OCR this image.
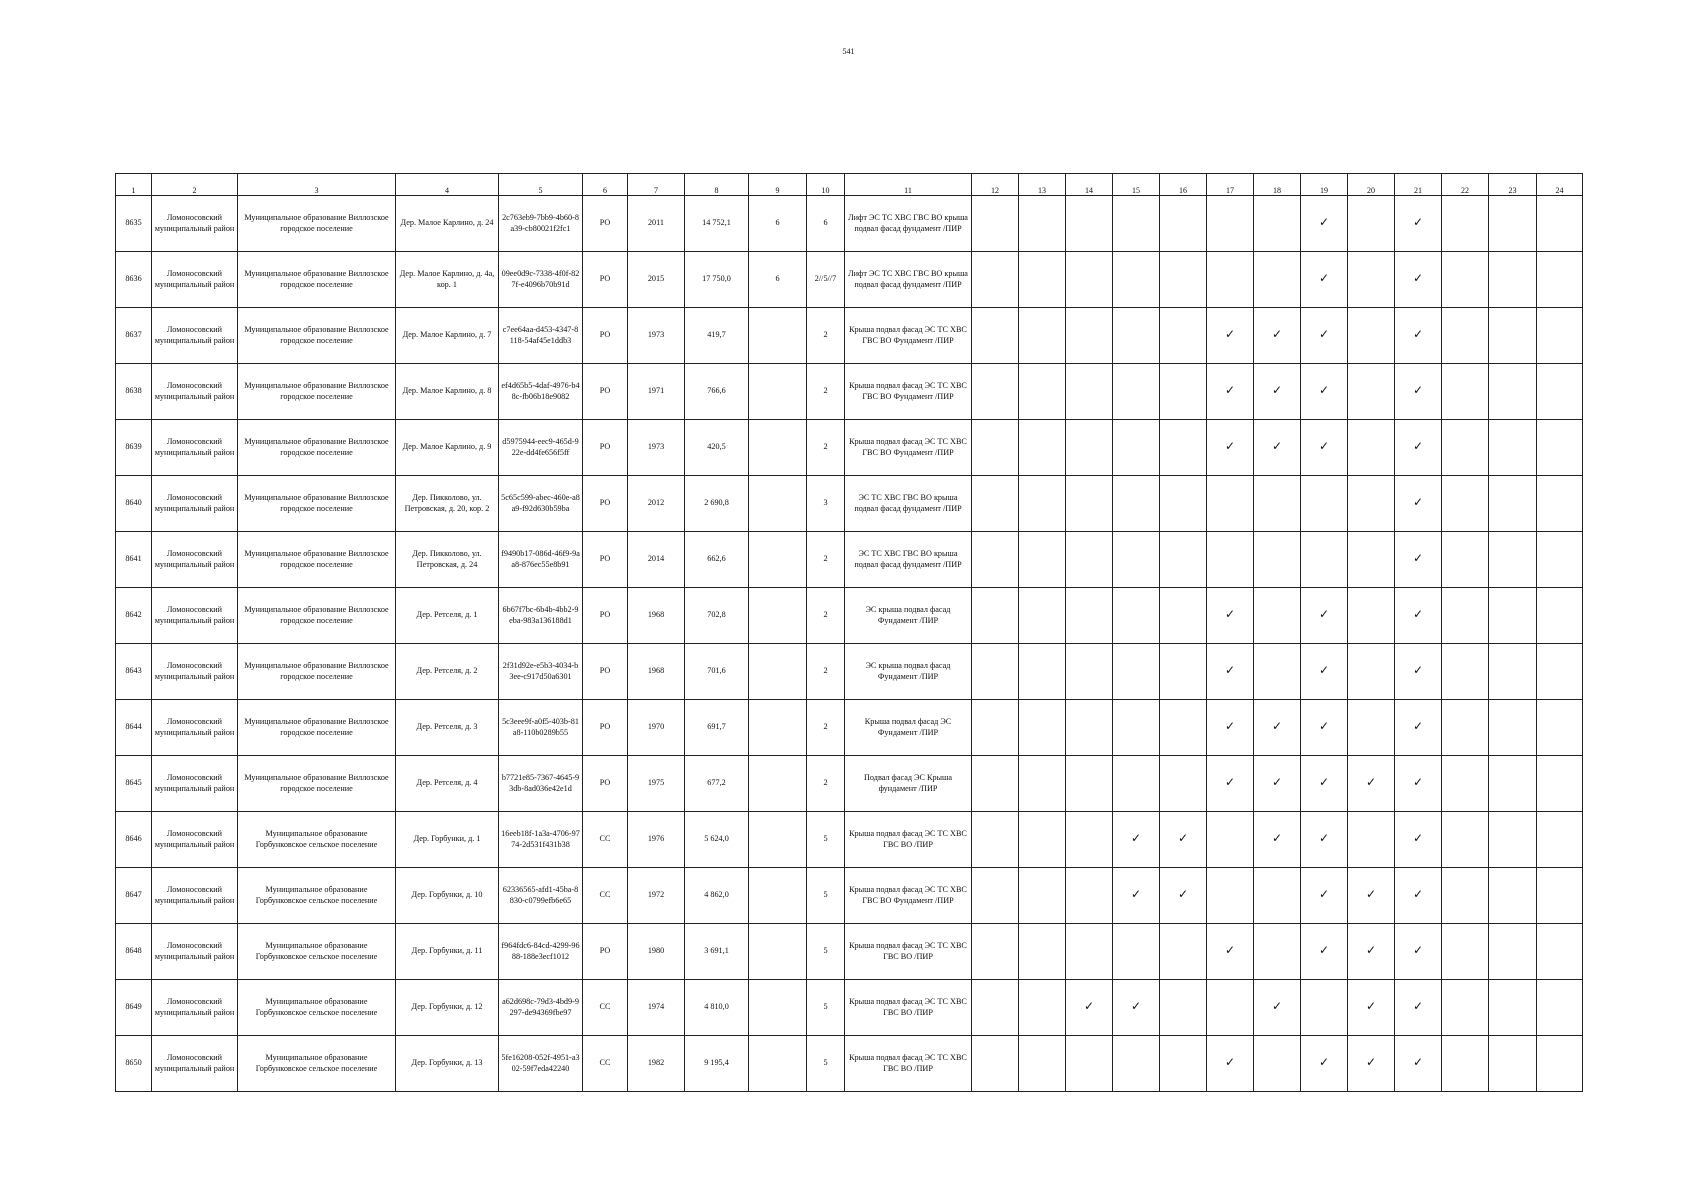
541
1	2	3	4	5	6	7	8	9	10	11	12	13	14	15	16	17	18	19	20	21	22	23	24
8635	Ломоносовский муниципальный район	Муниципальное образование Виллозское городское поселение	Дер. Малое Карлино, д. 24	2c763eb9-7bb9-4b60-8a39-cb80021f2fc1	РО	2011	14 752,1	6	6	Лифт ЭС ТС ХВС ГВС ВО крыша подвал фасад фундамент /ПИР								✓		✓			
8636	Ломоносовский муниципальный район	Муниципальное образование Виллозское городское поселение	Дер. Малое Карлино, д. 4а, кор. 1	09ee0d9c-7338-4f0f-827f-e4096b70b91d	РО	2015	17 750,0	6	2//5//7	Лифт ЭС ТС ХВС ГВС ВО крыша подвал фасад фундамент /ПИР								✓		✓			
8637	Ломоносовский муниципальный район	Муниципальное образование Виллозское городское поселение	Дер. Малое Карлино, д. 7	c7ee64aa-d453-4347-8118-54af45e1ddb3	РО	1973	419,7		2	Крыша подвал фасад ЭС ТС ХВС ГВС ВО Фундамент /ПИР						✓	✓	✓		✓			
8638	Ломоносовский муниципальный район	Муниципальное образование Виллозское городское поселение	Дер. Малое Карлино, д. 8	ef4d65b5-4daf-4976-b48c-fb06b18e9082	РО	1971	766,6		2	Крыша подвал фасад ЭС ТС ХВС ГВС ВО Фундамент /ПИР						✓	✓	✓		✓			
8639	Ломоносовский муниципальный район	Муниципальное образование Виллозское городское поселение	Дер. Малое Карлино, д. 9	d5975944-eec9-465d-922e-dd4fe656f5ff	РО	1973	420,5		2	Крыша подвал фасад ЭС ТС ХВС ГВС ВО Фундамент /ПИР						✓	✓	✓		✓			
8640	Ломоносовский муниципальный район	Муниципальное образование Виллозское городское поселение	Дер. Пикколово, ул. Петровская, д. 20, кор. 2	5c65c599-abec-460e-a8a9-f92d630b59ba	РО	2012	2 690,8		3	ЭС ТС ХВС ГВС ВО крыша подвал фасад фундамент /ПИР										✓			
8641	Ломоносовский муниципальный район	Муниципальное образование Виллозское городское поселение	Дер. Пикколово, ул. Петровская, д. 24	f9490b17-086d-46f9-9aa8-876ec55e8b91	РО	2014	662,6		2	ЭС ТС ХВС ГВС ВО крыша подвал фасад фундамент /ПИР										✓			
8642	Ломоносовский муниципальный район	Муниципальное образование Виллозское городское поселение	Дер. Ретселя, д. 1	6b67f7bc-6b4b-4bb2-9eba-983a136188d1	РО	1968	702,8		2	ЭС крыша подвал фасад Фундамент /ПИР						✓		✓		✓			
8643	Ломоносовский муниципальный район	Муниципальное образование Виллозское городское поселение	Дер. Ретселя, д. 2	2f31d92e-e5b3-4034-b3ee-c917d50a6301	РО	1968	701,6		2	ЭС крыша подвал фасад Фундамент /ПИР						✓		✓		✓			
8644	Ломоносовский муниципальный район	Муниципальное образование Виллозское городское поселение	Дер. Ретселя, д. 3	5c3eee9f-a0f5-403b-81a8-110b0289b55	РО	1970	691,7		2	Крыша подвал фасад ЭС Фундамент /ПИР						✓	✓	✓		✓			
8645	Ломоносовский муниципальный район	Муниципальное образование Виллозское городское поселение	Дер. Ретселя, д. 4	b7721e85-7367-4645-93db-8ad036e42e1d	РО	1975	677,2		2	Подвал фасад ЭС Крыша фундамент /ПИР						✓	✓	✓	✓	✓			
8646	Ломоносовский муниципальный район	Муниципальное образование Горбунковское сельское поселение	Дер. Горбунки, д. 1	16eeb18f-1a3a-4706-9774-2d531f431b38	СС	1976	5 624,0		5	Крыша подвал фасад ЭС ТС ХВС ГВС ВО /ПИР				✓	✓		✓	✓		✓			
8647	Ломоносовский муниципальный район	Муниципальное образование Горбунковское сельское поселение	Дер. Горбунки, д. 10	62336565-afd1-45ba-8830-c0799efb6e65	СС	1972	4 862,0		5	Крыша подвал фасад ЭС ТС ХВС ГВС ВО Фундамент /ПИР				✓	✓			✓	✓	✓			
8648	Ломоносовский муниципальный район	Муниципальное образование Горбунковское сельское поселение	Дер. Горбунки, д. 11	f964fdc6-84cd-4299-9688-188e3ecf1012	РО	1980	3 691,1		5	Крыша подвал фасад ЭС ТС ХВС ГВС ВО /ПИР						✓		✓	✓	✓			
8649	Ломоносовский муниципальный район	Муниципальное образование Горбунковское сельское поселение	Дер. Горбунки, д. 12	a62d698c-79d3-4bd9-9297-de94369fbe97	СС	1974	4 810,0		5	Крыша подвал фасад ЭС ТС ХВС ГВС ВО /ПИР			✓	✓			✓		✓	✓			
8650	Ломоносовский муниципальный район	Муниципальное образование Горбунковское сельское поселение	Дер. Горбунки, д. 13	5fe16208-052f-4951-a302-59f7eda42240	СС	1982	9 195,4		5	Крыша подвал фасад ЭС ТС ХВС ГВС ВО /ПИР						✓		✓	✓	✓			
